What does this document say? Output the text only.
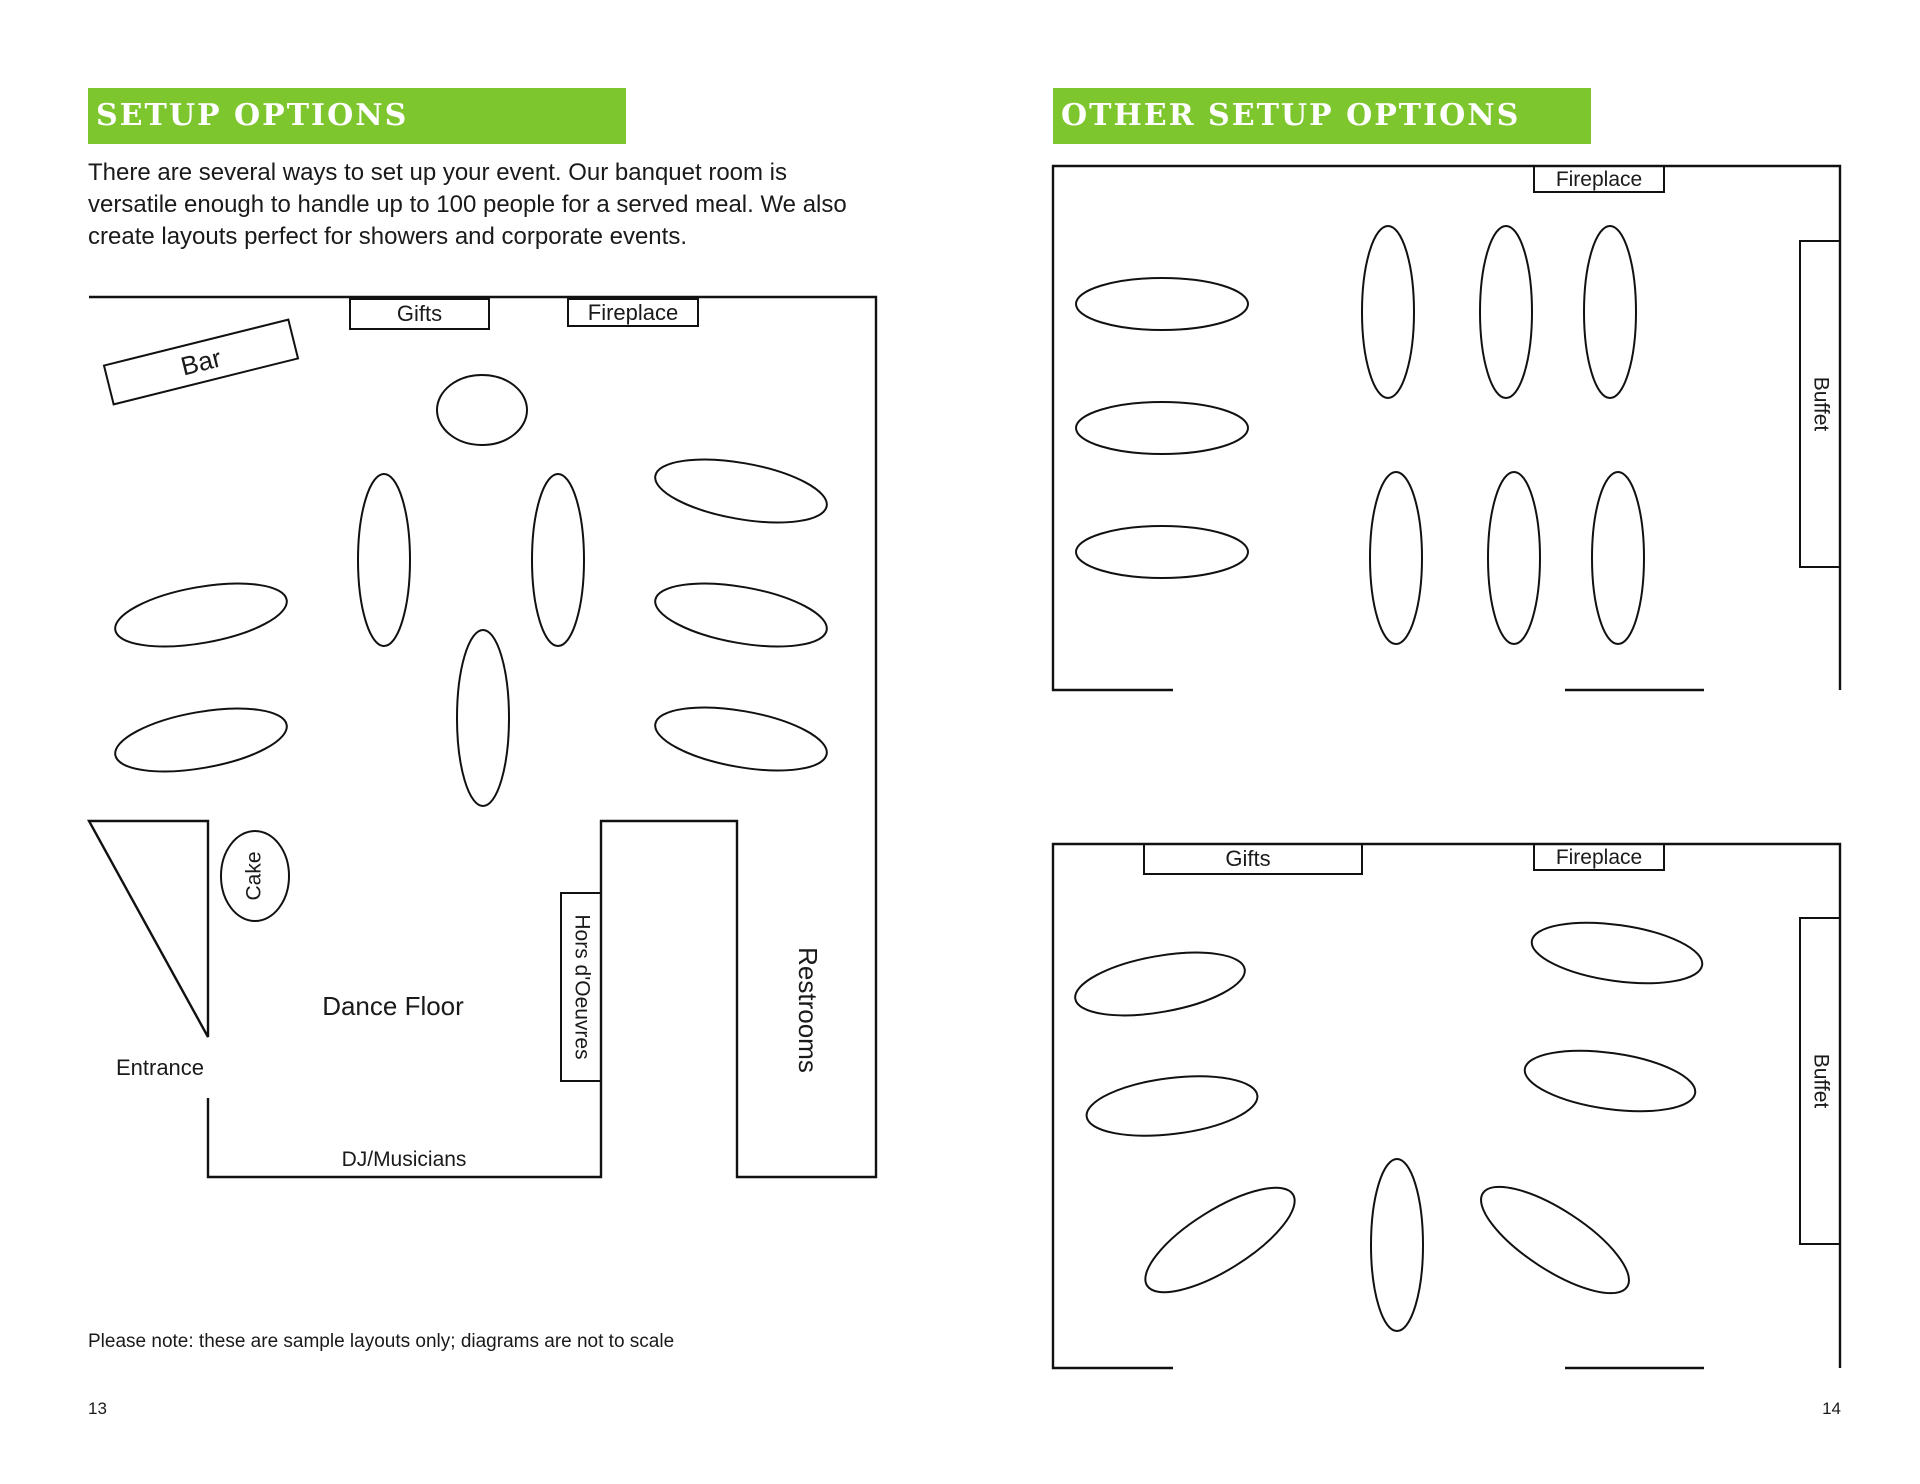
SETUP OPTIONS

There are several ways to set up your event. Our banquet room is versatile enough to handle up to 100 people for a served meal. We also create layouts perfect for showers and corporate events.

Gifts	Fireplace
Bar
Cake
Dance Floor	Hors d'Oeuvres	Restrooms
Entrance
DJ/Musicians
Fireplace
Buffet
Gifts	Fireplace
Buffet
Please note: these are sample layouts only; diagrams are not to scale
13
OTHER SETUP OPTIONS
14
